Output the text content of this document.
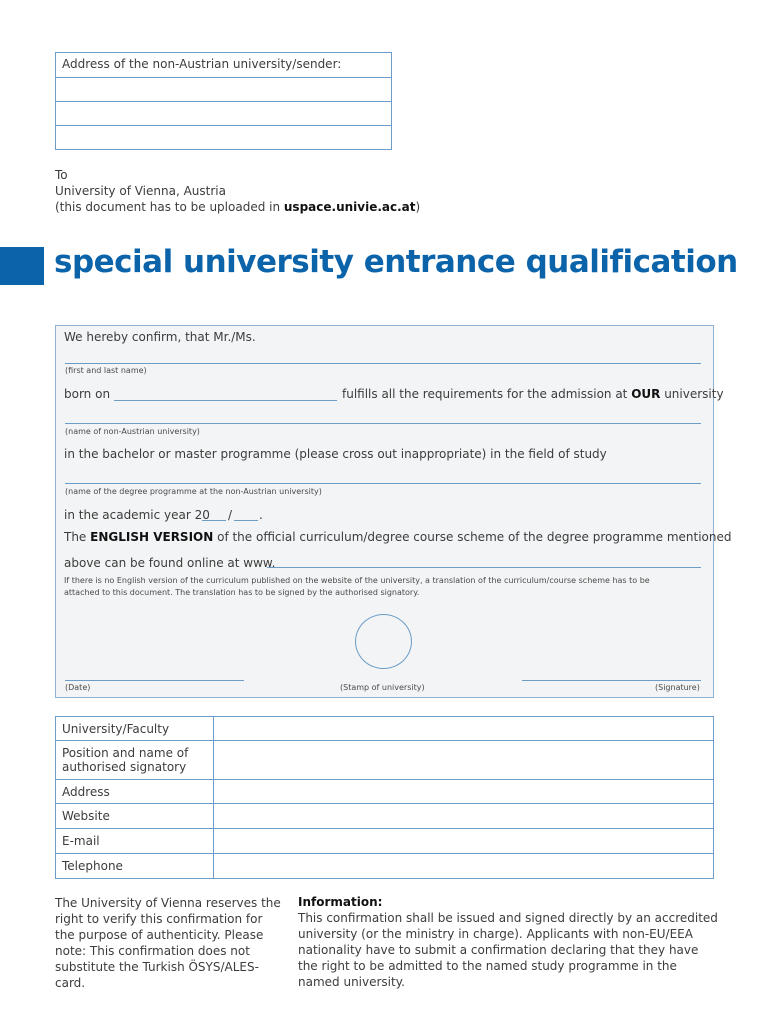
Address of the non-Austrian university/sender:
To
University of Vienna, Austria
(this document has to be uploaded in uspace.univie.ac.at)
special university entrance qualification
We hereby confirm, that Mr./Ms.
(first and last name)
born on	fulfills all the requirements for the admission at OUR university
(name of non-Austrian university)
in the bachelor or master programme (please cross out inappropriate) in the field of study
(name of the degree programme at the non-Austrian university)
in the academic year 20 / .
The ENGLISH VERSION of the official curriculum/degree course scheme of the degree programme mentioned
above can be found online at www.
If there is no English version of the curriculum published on the website of the university, a translation of the curriculum/course scheme has to be attached to this document. The translation has to be signed by the authorised signatory.
(Date)	(Stamp of university)	(Signature)
University/Faculty	
Position and name of authorised signatory	
Address	
Website	
E-mail	
Telephone	
The University of Vienna reserves the right to verify this confirmation for the purpose of authenticity. Please note: This confirmation does not substitute the Turkish ÖSYS/ALES-card.
Information:
This confirmation shall be issued and signed directly by an accredited university (or the ministry in charge). Applicants with non-EU/EEA nationality have to submit a confirmation declaring that they have the right to be admitted to the named study programme in the named university.
